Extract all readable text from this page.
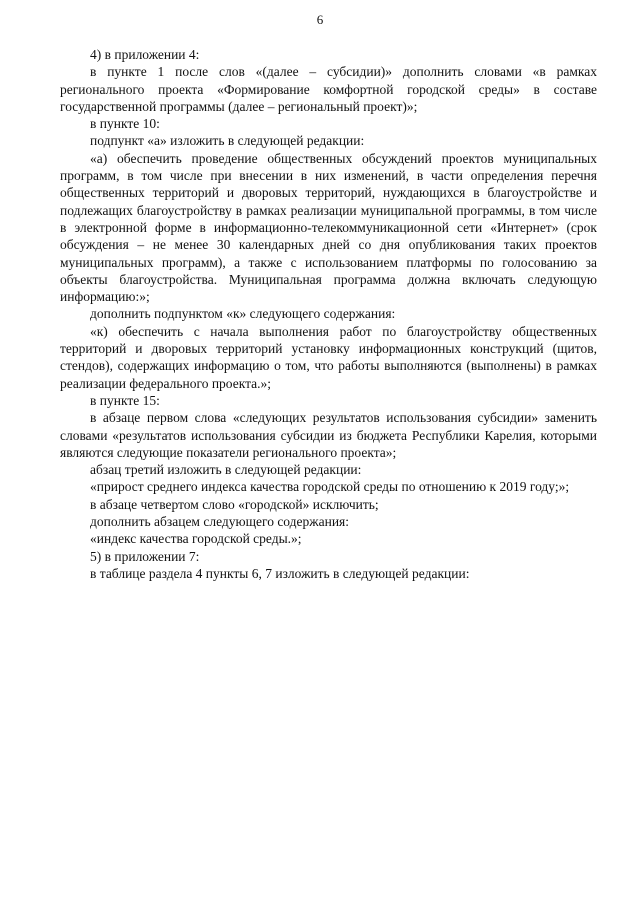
6

4) в приложении 4:

в пункте 1 после слов «(далее – субсидии)» дополнить словами «в рамках регионального проекта «Формирование комфортной городской среды» в составе государственной программы (далее – региональный проект)»;

в пункте 10:

подпункт «а» изложить в следующей редакции:

«а) обеспечить проведение общественных обсуждений проектов муниципальных программ, в том числе при внесении в них изменений, в части определения перечня общественных территорий и дворовых территорий, нуждающихся в благоустройстве и подлежащих благоустройству в рамках реализации муниципальной программы, в том числе в электронной форме в информационно-телекоммуникационной сети «Интернет» (срок обсуждения – не менее 30 календарных дней со дня опубликования таких проектов муниципальных программ), а также с использованием платформы по голосованию за объекты благоустройства. Муниципальная программа должна включать следующую информацию:»;

дополнить подпунктом «к» следующего содержания:

«к) обеспечить с начала выполнения работ по благоустройству общественных территорий и дворовых территорий установку информационных конструкций (щитов, стендов), содержащих информацию о том, что работы выполняются (выполнены) в рамках реализации федерального проекта.»;

в пункте 15:

в абзаце первом слова «следующих результатов использования субсидии» заменить словами «результатов использования субсидии из бюджета Республики Карелия, которыми являются следующие показатели регионального проекта»;

абзац третий изложить в следующей редакции:

«прирост среднего индекса качества городской среды по отношению к 2019 году;»;

в абзаце четвертом слово «городской» исключить;

дополнить абзацем следующего содержания:

«индекс качества городской среды.»;

5) в приложении 7:

в таблице раздела 4 пункты 6, 7 изложить в следующей редакции:
